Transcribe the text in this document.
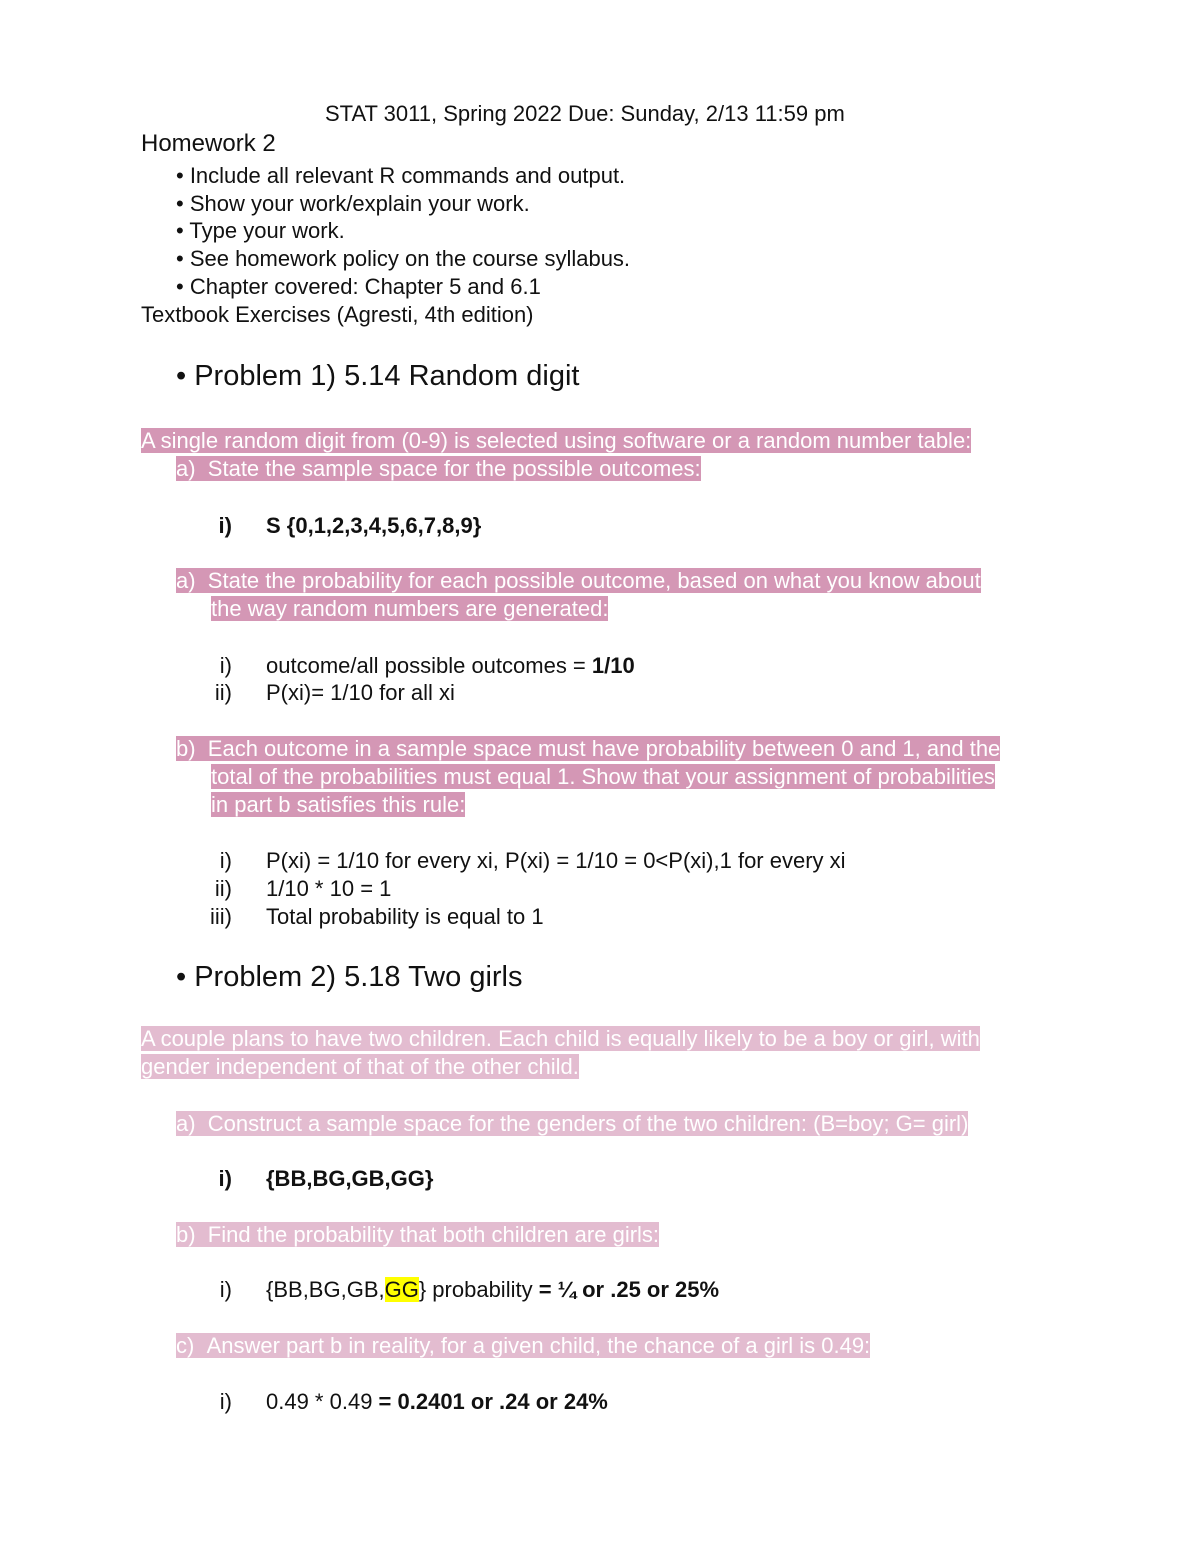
STAT 3011, Spring 2022 Due: Sunday, 2/13 11:59 pm
Homework 2
• Include all relevant R commands and output.
• Show your work/explain your work.
• Type your work.
• See homework policy on the course syllabus.
• Chapter covered: Chapter 5 and 6.1
Textbook Exercises (Agresti, 4th edition)
• Problem 1) 5.14 Random digit
A single random digit from (0-9) is selected using software or a random number table:
a) State the sample space for the possible outcomes:
i) S {0,1,2,3,4,5,6,7,8,9}
a) State the probability for each possible outcome, based on what you know about
the way random numbers are generated:
i) outcome/all possible outcomes = 1/10
ii) P(xi)= 1/10 for all xi
b) Each outcome in a sample space must have probability between 0 and 1, and the
total of the probabilities must equal 1. Show that your assignment of probabilities
in part b satisfies this rule:
i) P(xi) = 1/10 for every xi, P(xi) = 1/10 = 0<P(xi),1 for every xi
ii) 1/10 * 10 = 1
iii) Total probability is equal to 1
• Problem 2) 5.18 Two girls
A couple plans to have two children. Each child is equally likely to be a boy or girl, with
gender independent of that of the other child.
a) Construct a sample space for the genders of the two children: (B=boy; G= girl)
i) {BB,BG,GB,GG}
b) Find the probability that both children are girls:
i) {BB,BG,GB,GG} probability = ¼ or .25 or 25%
c) Answer part b in reality, for a given child, the chance of a girl is 0.49:
i) 0.49 * 0.49 = 0.2401 or .24 or 24%
